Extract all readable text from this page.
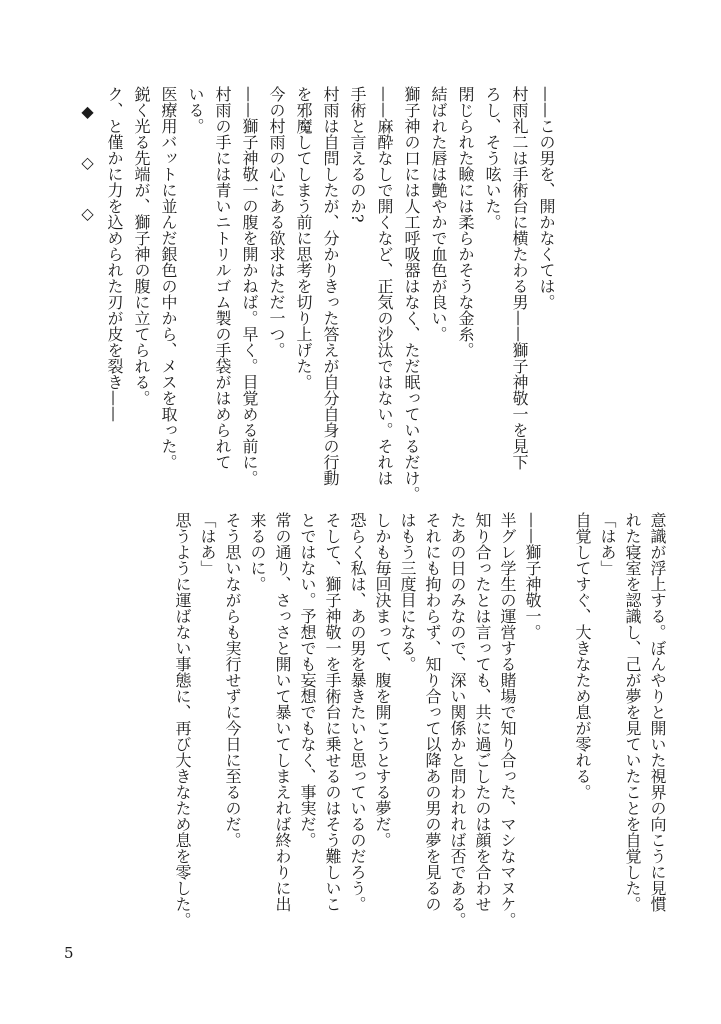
——この男を、開かなくては。

村雨礼二は手術台に横たわる男——獅子神敬一を見下

ろし、そう呟いた。

閉じられた瞼には柔らかそうな金糸。

結ばれた唇は艶やかで血色が良い。

獅子神の口には人工呼吸器はなく、ただ眠っているだけ。

——麻酔なしで開くなど、正気の沙汰ではない。それは

手術と言えるのか?

村雨は自問したが、分かりきった答えが自分自身の行動

を邪魔してしまう前に思考を切り上げた。

今の村雨の心にある欲求はただ一つ。

——獅子神敬一の腹を開かねば。早く。目覚める前に。

村雨の手には青いニトリルゴム製の手袋がはめられて

いる。

医療用バットに並んだ銀色の中から、メスを取った。

鋭く光る先端が、獅子神の腹に立てられる。

ク、と僅かに力を込められた刃が皮を裂き——

　◆　　◇　　◇

意識が浮上する。ぼんやりと開いた視界の向こうに見慣

れた寝室を認識し、己が夢を見ていたことを自覚した。

「はあ」

自覚してすぐ、大きなため息が零れる。

——獅子神敬一。

半グレ学生の運営する賭場で知り合った、マシなマヌケ。

知り合ったとは言っても、共に過ごしたのは顔を合わせ

たあの日のみなので、深い関係かと問われれば否である。

それにも拘わらず、知り合って以降あの男の夢を見るの

はもう三度目になる。

しかも毎回決まって、腹を開こうとする夢だ。

恐らく私は、あの男を暴きたいと思っているのだろう。

そして、獅子神敬一を手術台に乗せるのはそう難しいこ

とではない。予想でも妄想でもなく、事実だ。

常の通り、さっさと開いて暴いてしまえれば終わりに出

来るのに。

そう思いながらも実行せずに今日に至るのだ。

「はあ」

思うように運ばない事態に、再び大きなため息を零した。

5
